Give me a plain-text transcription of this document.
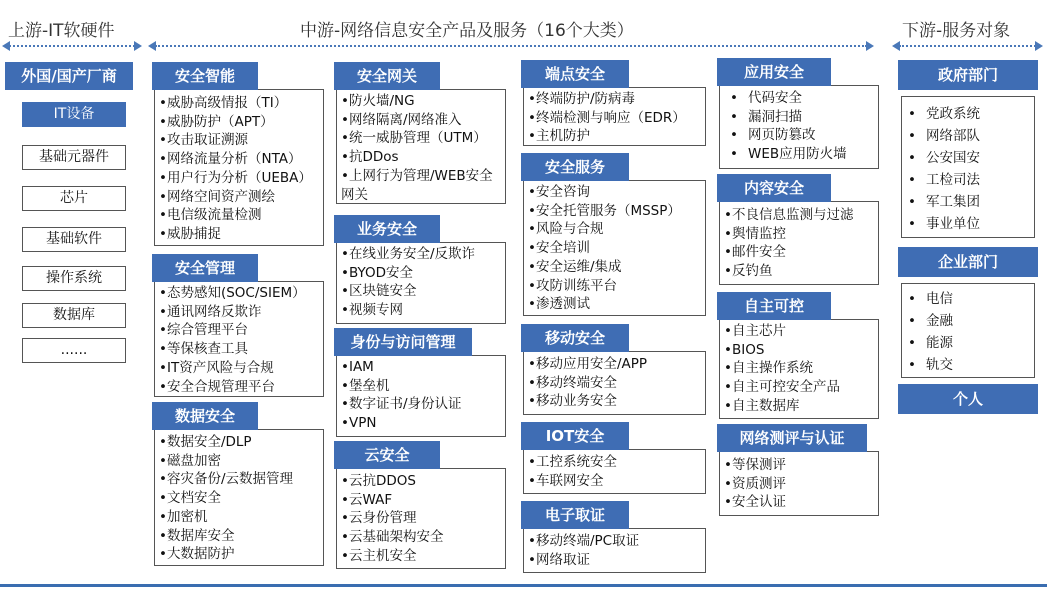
上游-IT软硬件	中游-网络信息安全产品及服务（16个大类）	下游-服务对象
外国/国产厂商
IT设备
基础元器件
芯片
基础软件
操作系统
数据库
......
安全智能
• 威胁高级情报（TI）
• 威胁防护（APT）
• 攻击取证溯源
• 网络流量分析（NTA）
• 用户行为分析（UEBA）
• 网络空间资产测绘
• 电信级流量检测
• 威胁捕捉
安全管理
• 态势感知(SOC/SIEM）
• 通讯网络反欺诈
• 综合管理平台
• 等保核查工具
• IT资产风险与合规
• 安全合规管理平台
数据安全
• 数据安全/DLP
• 磁盘加密
• 容灾备份/云数据管理
• 文档安全
• 加密机
• 数据库安全
• 大数据防护
安全网关
• 防火墙/NG
• 网络隔离/网络准入
• 统一威胁管理（UTM）
• 抗DDos
• 上网行为管理/WEB安全网关
业务安全
• 在线业务安全/反欺诈
• BYOD安全
• 区块链安全
• 视频专网
身份与访问管理
• IAM
• 堡垒机
• 数字证书/身份认证
• VPN
云安全
• 云抗DDOS
• 云WAF
• 云身份管理
• 云基础架构安全
• 云主机安全
端点安全
• 终端防护/防病毒
• 终端检测与响应（EDR）
• 主机防护
安全服务
• 安全咨询
• 安全托管服务（MSSP）
• 风险与合规
• 安全培训
• 安全运维/集成
• 攻防训练平台
• 渗透测试
移动安全
• 移动应用安全/APP
• 移动终端安全
• 移动业务安全
IOT安全
• 工控系统安全
• 车联网安全
电子取证
• 移动终端/PC取证
• 网络取证
应用安全
• 代码安全
• 漏洞扫描
• 网页防篡改
• WEB应用防火墙
内容安全
• 不良信息监测与过滤
• 舆情监控
• 邮件安全
• 反钓鱼
自主可控
• 自主芯片
• BIOS
• 自主操作系统
• 自主可控安全产品
• 自主数据库
网络测评与认证
• 等保测评
• 资质测评
• 安全认证
政府部门
• 党政系统
• 网络部队
• 公安国安
• 工检司法
• 军工集团
• 事业单位
企业部门
• 电信
• 金融
• 能源
• 轨交
个人
